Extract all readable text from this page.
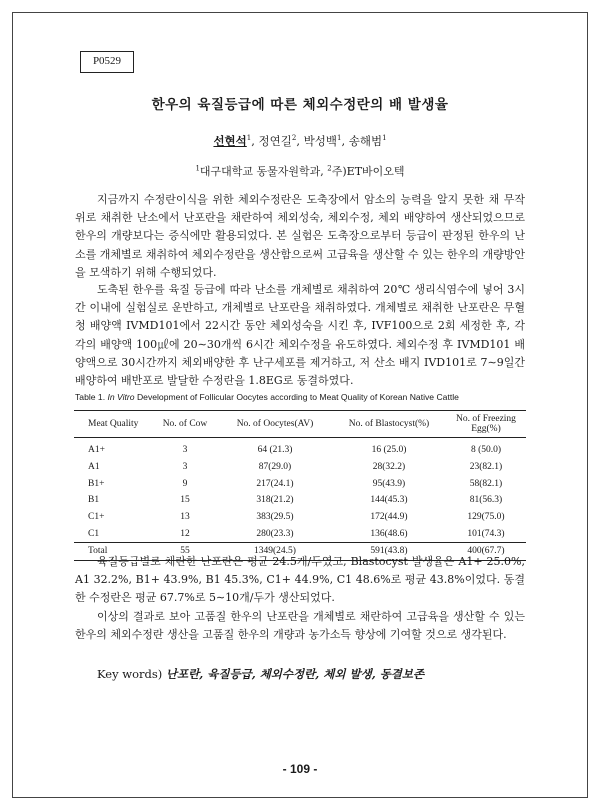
P0529
한우의 육질등급에 따른 체외수정란의 배 발생율
선현석$^1$, 정연길$^2$, 박성백$^1$, 송해범$^1$
$^1$대구대학교 동물자원학과, $^2$주)ET바이오텍

지금까지 수정란이식을 위한 체외수정란은 도축장에서 암소의 능력을 알지 못한 채 무작위로 채취한 난소에서 난포란을 채란하여 체외성숙, 체외수정, 체외 배양하여 생산되었으므로 한우의 개량보다는 증식에만 활용되었다. 본 실험은 도축장으로부터 등급이 판정된 한우의 난소를 개체별로 채취하여 체외수정란을 생산함으로써 고급육을 생산할 수 있는 한우의 개량방안을 모색하기 위해 수행되었다.

도축된 한우를 육질 등급에 따라 난소를 개체별로 채취하여 20℃ 생리식염수에 넣어 3시간 이내에 실험실로 운반하고, 개체별로 난포란을 채취하였다. 개체별로 채취한 난포란은 무혈청 배양액 IVMD101에서 22시간 동안 체외성숙을 시킨 후, IVF100으로 2회 세정한 후, 각각의 배양액 100㎕에 20∼30개씩 6시간 체외수정을 유도하였다. 체외수정 후 IVMD101 배양액으로 30시간까지 체외배양한 후 난구세포를 제거하고, 저 산소 배지 IVD101로 7∼9일간 배양하여 배반포로 발달한 수정란을 1.8EG로 동결하였다.

Table 1. In Vitro Development of Follicular Oocytes according to Meat Quality of Korean Native Cattle
Meat Quality	No. of Cow	No. of Oocytes(AV)	No. of Blastocyst(%)	No. of Freezing Egg(%)
A1+	3	64 (21.3)	16 (25.0)	8 (50.0)
A1	3	87(29.0)	28(32.2)	23(82.1)
B1+	9	217(24.1)	95(43.9)	58(82.1)
B1	15	318(21.2)	144(45.3)	81(56.3)
C1+	13	383(29.5)	172(44.9)	129(75.0)
C1	12	280(23.3)	136(48.6)	101(74.3)
Total	55	1349(24.5)	591(43.8)	400(67.7)

육질등급별로 채란한 난포란은 평균 24.5개/두였고, Blastocyst 발생율은 A1+ 25.0%, A1 32.2%, B1+ 43.9%, B1 45.3%, C1+ 44.9%, C1 48.6%로 평균 43.8%이었다. 동결한 수정란은 평균 67.7%로 5∼10개/두가 생산되었다.

이상의 결과로 보아 고품질 한우의 난포란을 개체별로 채란하여 고급육을 생산할 수 있는 한우의 체외수정란 생산을 고품질 한우의 개량과 농가소득 향상에 기여할 것으로 생각된다.

Key words) 난포란, 육질등급, 체외수정란, 체외 발생, 동결보존
- 109 -
